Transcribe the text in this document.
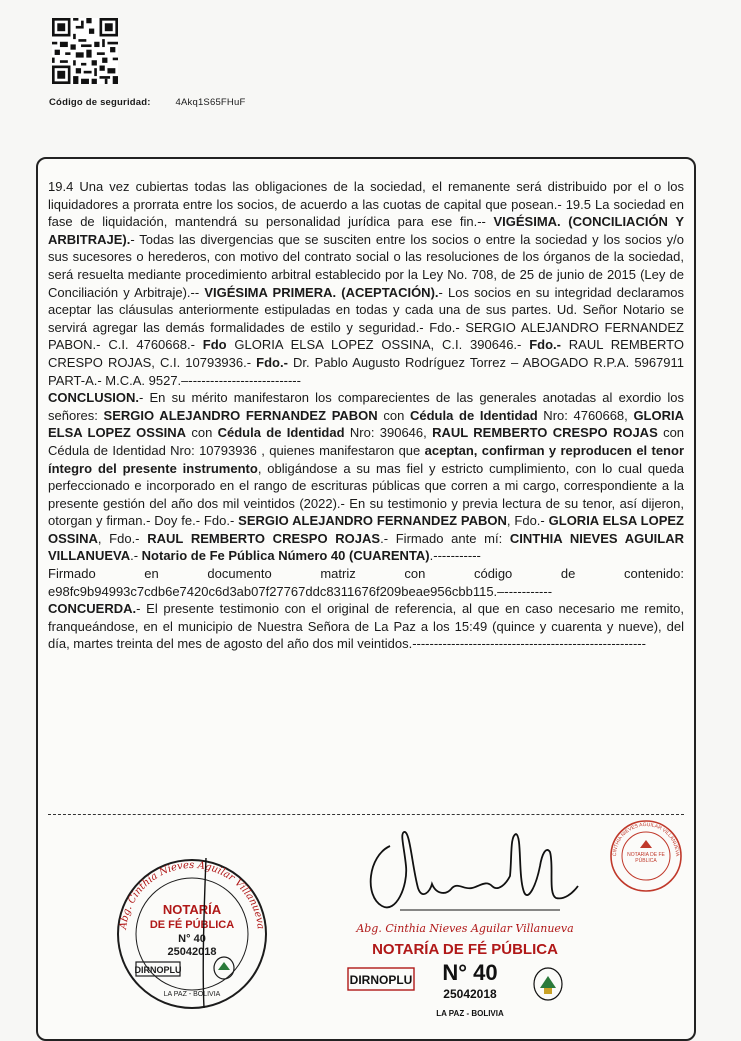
Código de seguridad:	4Akq1S65FHuF

19.4 Una vez cubiertas todas las obligaciones de la sociedad, el remanente será distribuido por el o los liquidadores a prorrata entre los socios, de acuerdo a las cuotas de capital que posean.- 19.5 La sociedad en fase de liquidación, mantendrá su personalidad jurídica para ese fin.-- VIGÉSIMA. (CONCILIACIÓN Y ARBITRAJE).- Todas las divergencias que se susciten entre los socios o entre la sociedad y los socios y/o sus sucesores o herederos, con motivo del contrato social o las resoluciones de los órganos de la sociedad, será resuelta mediante procedimiento arbitral establecido por la Ley No. 708, de 25 de junio de 2015 (Ley de Conciliación y Arbitraje).-- VIGÉSIMA PRIMERA. (ACEPTACIÓN).- Los socios en su integridad declaramos aceptar las cláusulas anteriormente estipuladas en todas y cada una de sus partes. Ud. Señor Notario se servirá agregar las demás formalidades de estilo y seguridad.- Fdo.- SERGIO ALEJANDRO FERNANDEZ PABON.- C.I. 4760668.- Fdo GLORIA ELSA LOPEZ OSSINA, C.I. 390646.- Fdo.- RAUL REMBERTO CRESPO ROJAS, C.I. 10793936.- Fdo.- Dr. Pablo Augusto Rodríguez Torrez – ABOGADO R.P.A. 5967911 PART-A.- M.C.A. 9527.–--------------------------

CONCLUSION.- En su mérito manifestaron los comparecientes de las generales anotadas al exordio los señores: SERGIO ALEJANDRO FERNANDEZ PABON con Cédula de Identidad Nro: 4760668, GLORIA ELSA LOPEZ OSSINA con Cédula de Identidad Nro: 390646, RAUL REMBERTO CRESPO ROJAS con Cédula de Identidad Nro: 10793936 , quienes manifestaron que aceptan, confirman y reproducen el tenor íntegro del presente instrumento, obligándose a su mas fiel y estricto cumplimiento, con lo cual queda perfeccionado e incorporado en el rango de escrituras públicas que corren a mi cargo, correspondiente a la presente gestión del año dos mil veintidos (2022).- En su testimonio y previa lectura de su tenor, así dijeron, otorgan y firman.- Doy fe.- Fdo.- SERGIO ALEJANDRO FERNANDEZ PABON, Fdo.- GLORIA ELSA LOPEZ OSSINA, Fdo.- RAUL REMBERTO CRESPO ROJAS.- Firmado ante mí: CINTHIA NIEVES AGUILAR VILLANUEVA.- Notario de Fe Pública Número 40 (CUARENTA).-----------

Firmado en documento matriz con código de contenido: e98fc9b94993c7cdb6e7420c6d3ab07f27767ddc8311676f209beae956cbb115.–-----------

CONCUERDA.- El presente testimonio con el original de referencia, al que en caso necesario me remito, franqueándose, en el municipio de Nuestra Señora de La Paz a los 15:49 (quince y cuarenta y nueve), del día, martes treinta del mes de agosto del año dos mil veintidos.------------------------------------------------------

Abg. Cinthia Nieves Aguilar Villanueva
NOTARÍA
DE FÉ PÚBLICA
N° 40
25042018
DIRNOPLU
LA PAZ - BOLIVIA
Abg. Cinthia Nieves Aguilar Villanueva
NOTARÍA DE FÉ PÚBLICA
N° 40
25042018
DIRNOPLU
LA PAZ - BOLIVIA
CINTHIA NIEVES AGUILAR VILLANUEVA
NOTARÍA DE FE PÚBLICA
